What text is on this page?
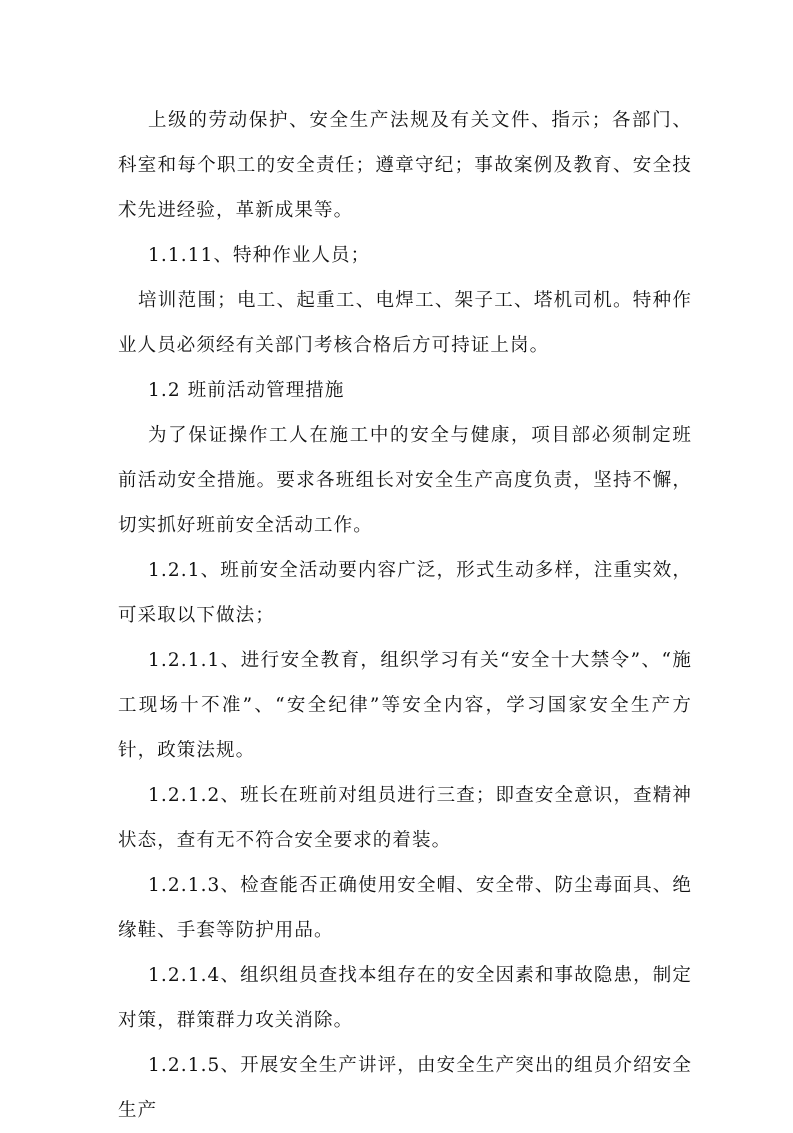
上级的劳动保护、安全生产法规及有关文件、指示；各部门、科室和每个职工的安全责任；遵章守纪；事故案例及教育、安全技术先进经验，革新成果等。

1.1.11、特种作业人员；

培训范围；电工、起重工、电焊工、架子工、塔机司机。特种作业人员必须经有关部门考核合格后方可持证上岗。

1.2 班前活动管理措施

为了保证操作工人在施工中的安全与健康，项目部必须制定班前活动安全措施。要求各班组长对安全生产高度负责，坚持不懈，切实抓好班前安全活动工作。

1.2.1、班前安全活动要内容广泛，形式生动多样，注重实效，可采取以下做法；

1.2.1.1、进行安全教育，组织学习有关“安全十大禁令”、“施工现场十不准”、“安全纪律”等安全内容，学习国家安全生产方针，政策法规。

1.2.1.2、班长在班前对组员进行三查；即查安全意识，查精神状态，查有无不符合安全要求的着装。

1.2.1.3、检查能否正确使用安全帽、安全带、防尘毒面具、绝缘鞋、手套等防护用品。

1.2.1.4、组织组员查找本组存在的安全因素和事故隐患，制定对策，群策群力攻关消除。

1.2.1.5、开展安全生产讲评，由安全生产突出的组员介绍安全生产
